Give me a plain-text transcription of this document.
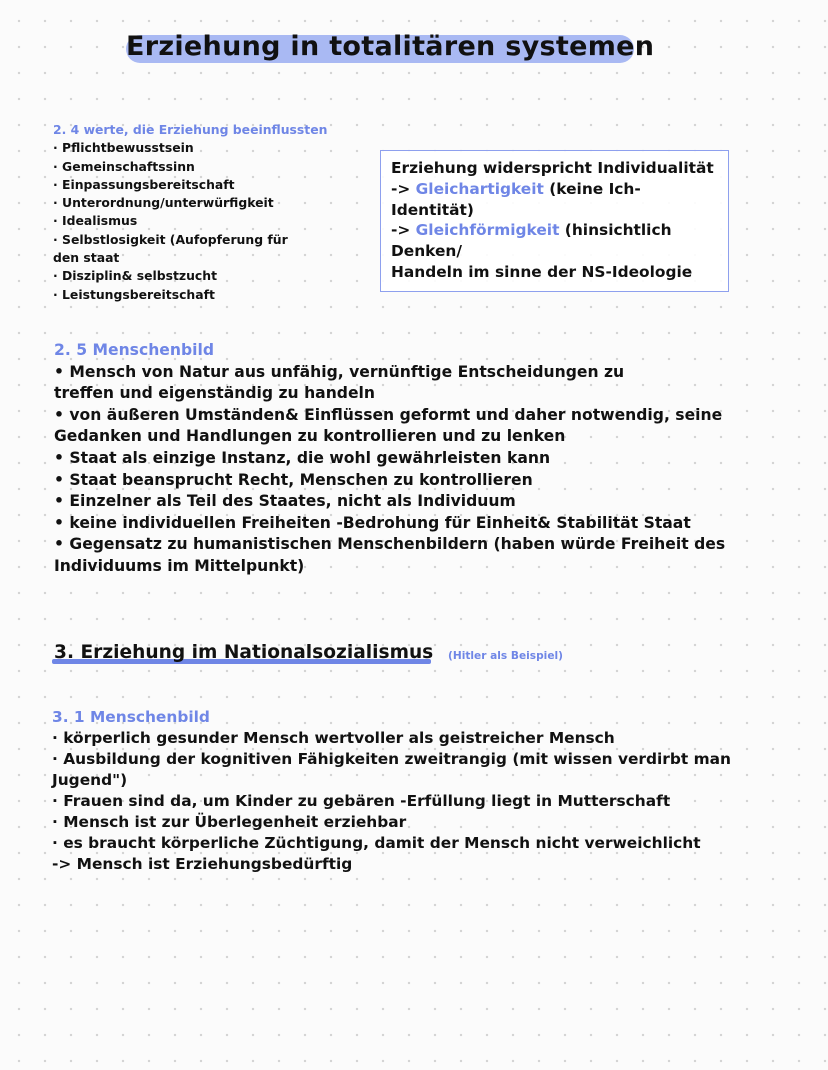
Erziehung in totalitären systemen
2. 4 werte, die Erziehung beeinflussten
· Pflichtbewusstsein
· Gemeinschaftssinn
· Einpassungsbereitschaft
· Unterordnung/unterwürfigkeit
· Idealismus
· Selbstlosigkeit (Aufopferung für
den staat
· Disziplin& selbstzucht
· Leistungsbereitschaft
Erziehung widerspricht Individualität
-> Gleichartigkeit (keine Ich-
Identität)
-> Gleichförmigkeit (hinsichtlich
Denken/
Handeln im sinne der NS-Ideologie
2. 5 Menschenbild
• Mensch von Natur aus unfähig, vernünftige Entscheidungen zu
treffen und eigenständig zu handeln
• von äußeren Umständen& Einflüssen geformt und daher notwendig, seine
Gedanken und Handlungen zu kontrollieren und zu lenken
• Staat als einzige Instanz, die wohl gewährleisten kann
• Staat beansprucht Recht, Menschen zu kontrollieren
• Einzelner als Teil des Staates, nicht als Individuum
• keine individuellen Freiheiten -Bedrohung für Einheit& Stabilität Staat
• Gegensatz zu humanistischen Menschenbildern (haben würde Freiheit des
Individuums im Mittelpunkt)
3. Erziehung im Nationalsozialismus (Hitler als Beispiel)
3. 1 Menschenbild
· körperlich gesunder Mensch wertvoller als geistreicher Mensch
· Ausbildung der kognitiven Fähigkeiten zweitrangig (mit wissen verdirbt man
Jugend")
· Frauen sind da, um Kinder zu gebären -Erfüllung liegt in Mutterschaft
· Mensch ist zur Überlegenheit erziehbar
· es braucht körperliche Züchtigung, damit der Mensch nicht verweichlicht
-> Mensch ist Erziehungsbedürftig
